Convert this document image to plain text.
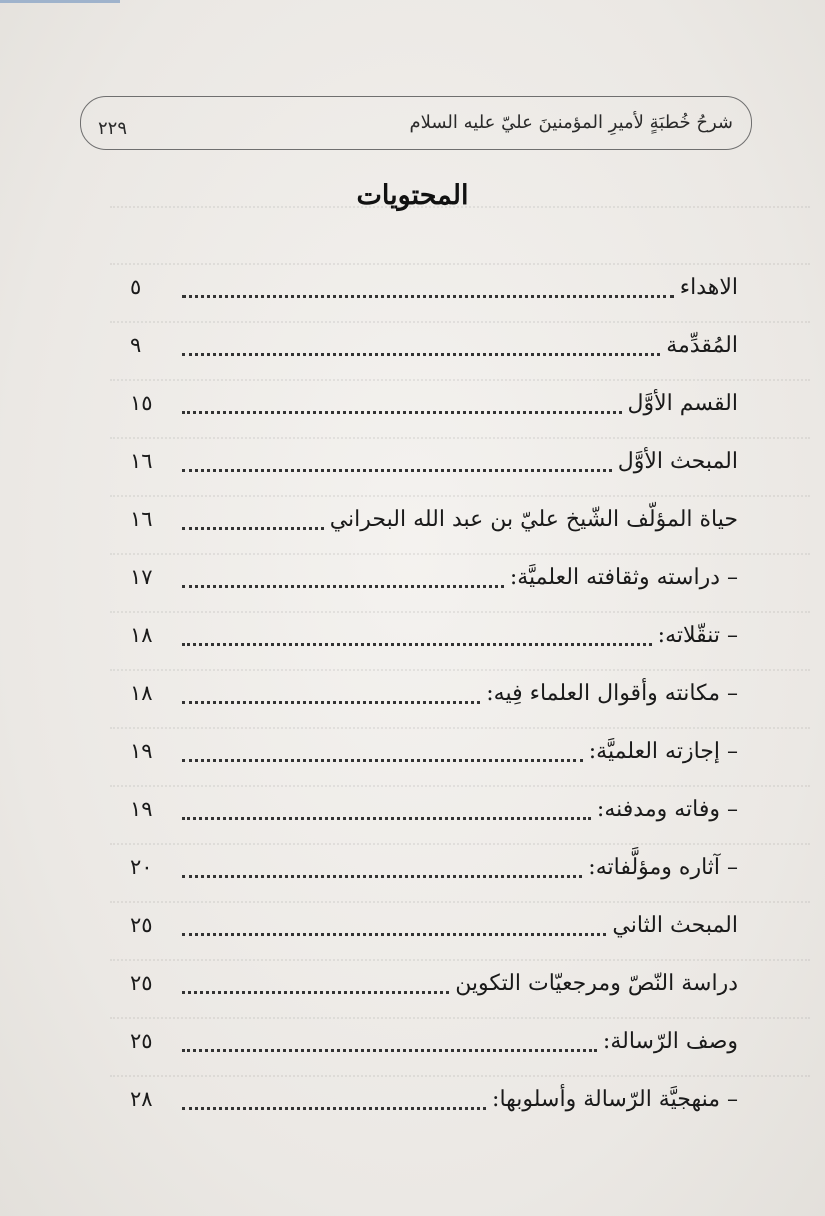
شرحُ خُطبَةٍ لأميرِ المؤمنينَ عليّ عليه السلام
٢٢٩
المحتويات
الاهداء
٥
المُقدِّمة
٩
القسم الأوَّل
١٥
المبحث الأوَّل
١٦
حياة المؤلّف الشّيخ عليّ بن عبد الله البحراني
١٦
– دراسته وثقافته العلميَّة:
١٧
– تنقّلاته:
١٨
– مكانته وأقوال العلماء فِيه:
١٨
– إجازته العلميَّة:
١٩
– وفاته ومدفنه:
١٩
– آثاره ومؤلَّفاته:
٢٠
المبحث الثاني
٢٥
دراسة النّصّ ومرجعيّات التكوين
٢٥
وصف الرّسالة:
٢٥
– منهجيَّة الرّسالة وأسلوبها:
٢٨
